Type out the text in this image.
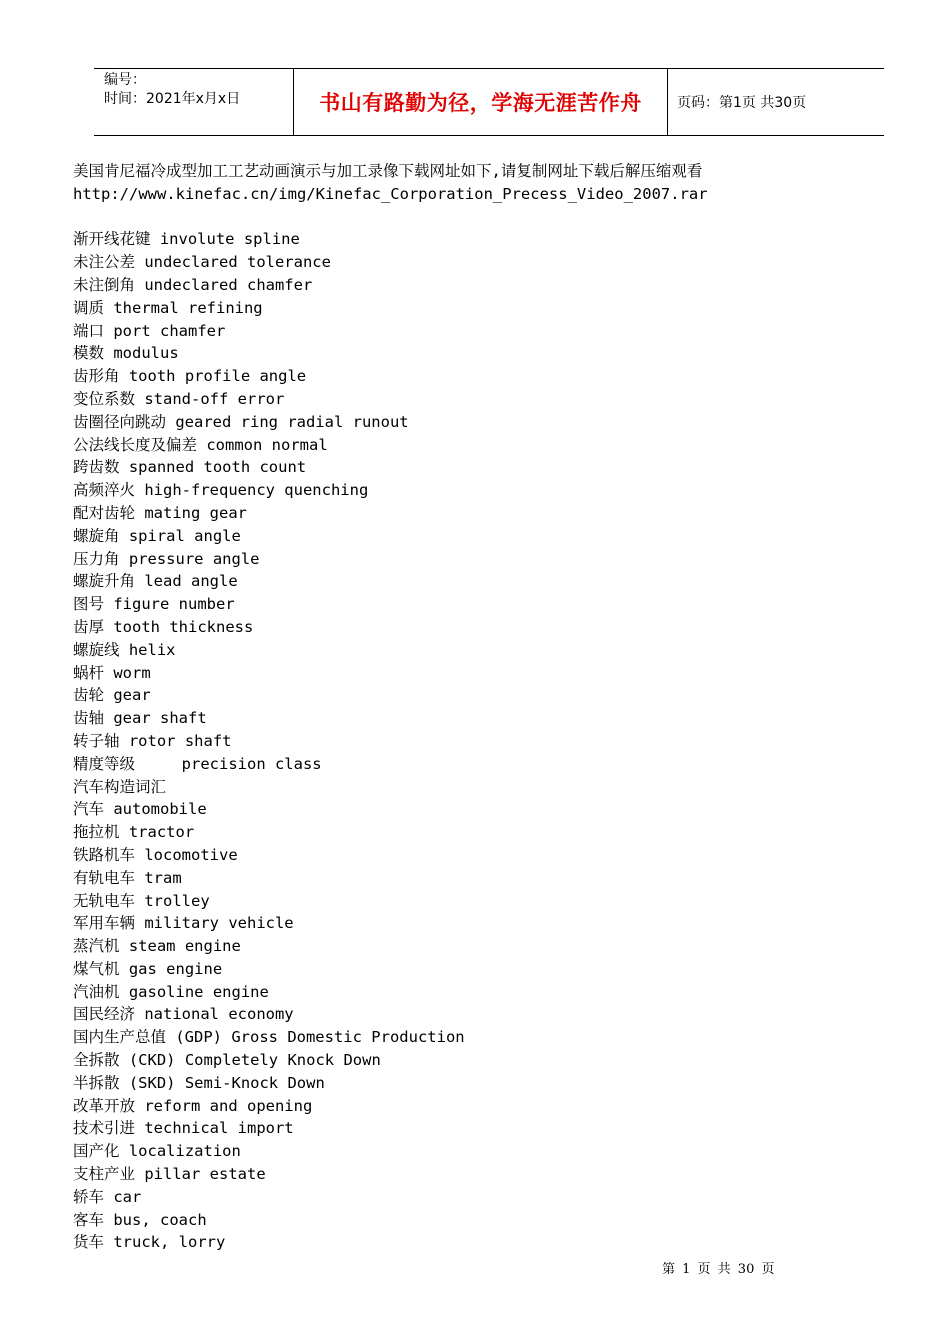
编号：
时间：2021年x月x日	书山有路勤为径，学海无涯苦作舟	页码：第1页 共30页
美国肯尼福冷成型加工工艺动画演示与加工录像下载网址如下,请复制网址下载后解压缩观看
http://www.kinefac.cn/img/Kinefac_Corporation_Precess_Video_2007.rar
渐开线花键 involute spline
未注公差 undeclared tolerance
未注倒角 undeclared chamfer
调质 thermal refining
端口 port chamfer
模数 modulus
齿形角 tooth profile angle
变位系数 stand-off error
齿圈径向跳动 geared ring radial runout
公法线长度及偏差 common normal
跨齿数 spanned tooth count
高频淬火 high-frequency quenching
配对齿轮 mating gear
螺旋角 spiral angle
压力角 pressure angle
螺旋升角 lead angle
图号 figure number
齿厚 tooth thickness
螺旋线 helix
蜗杆 worm
齿轮 gear
齿轴 gear shaft
转子轴 rotor shaft
精度等级     precision class
汽车构造词汇
汽车 automobile
拖拉机 tractor
铁路机车 locomotive
有轨电车 tram
无轨电车 trolley
军用车辆 military vehicle
蒸汽机 steam engine
煤气机 gas engine
汽油机 gasoline engine
国民经济 national economy
国内生产总值 (GDP) Gross Domestic Production
全拆散 (CKD) Completely Knock Down
半拆散 (SKD) Semi-Knock Down
改革开放 reform and opening
技术引进 technical import
国产化 localization
支柱产业 pillar estate
轿车 car
客车 bus, coach
货车 truck, lorry
第 1 页 共 30 页
